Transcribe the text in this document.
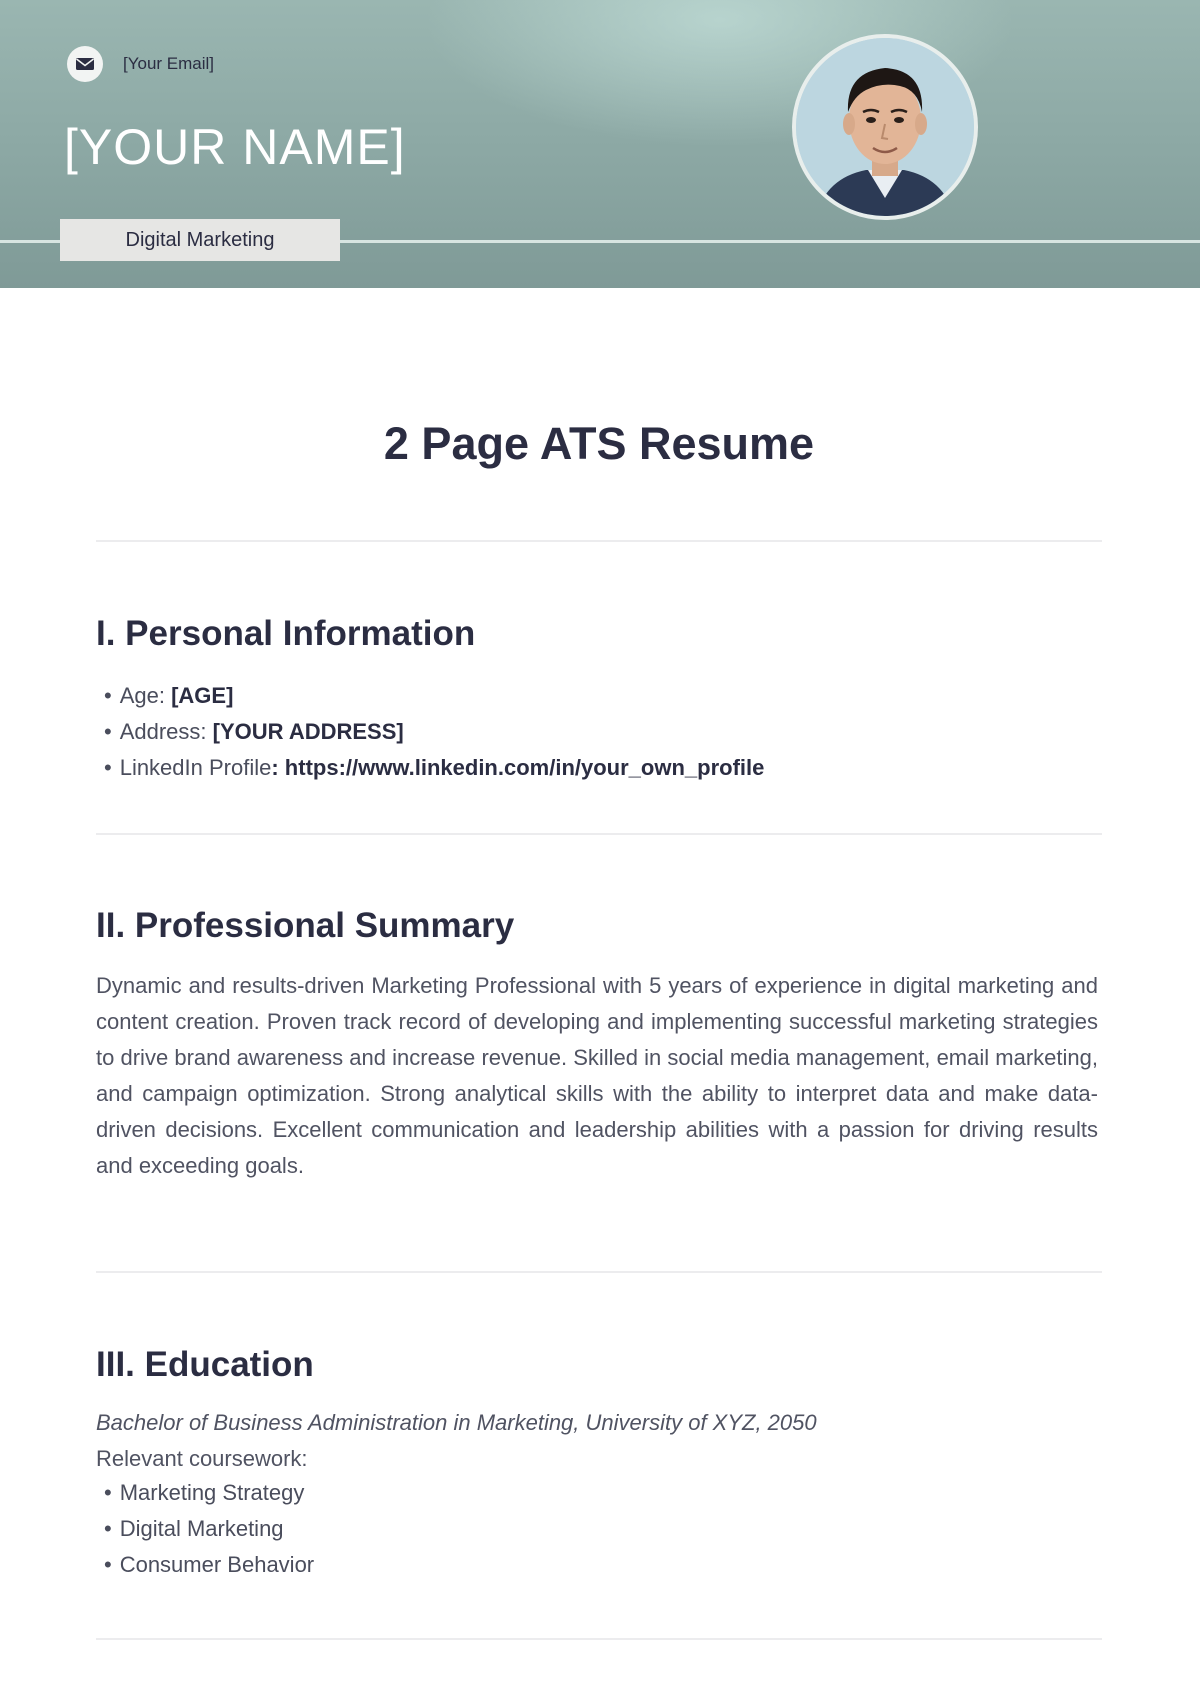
[Your Email]
[YOUR NAME]
Digital Marketing
2 Page ATS Resume
I. Personal Information
• Age: [AGE]
• Address: [YOUR ADDRESS]
• LinkedIn Profile: https://www.linkedin.com/in/your_own_profile
II. Professional Summary

Dynamic and results-driven Marketing Professional with 5 years of experience in digital marketing and content creation. Proven track record of developing and implementing successful marketing strategies to drive brand awareness and increase revenue. Skilled in social media management, email marketing, and campaign optimization. Strong analytical skills with the ability to interpret data and make data-driven decisions. Excellent communication and leadership abilities with a passion for driving results and exceeding goals.

III. Education

Bachelor of Business Administration in Marketing, University of XYZ, 2050

Relevant coursework:

• Marketing Strategy
• Digital Marketing
• Consumer Behavior
